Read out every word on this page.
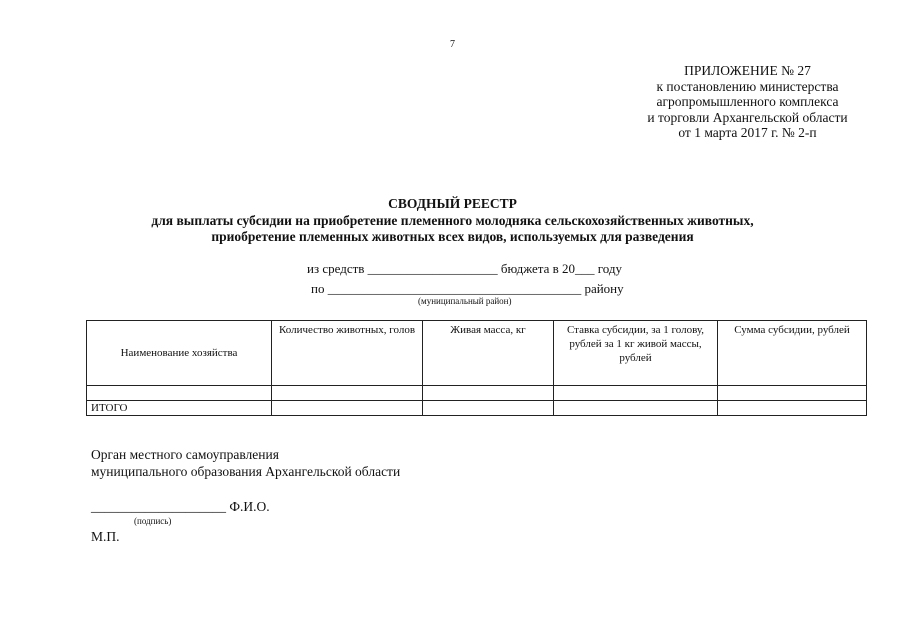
7
ПРИЛОЖЕНИЕ № 27
к постановлению министерства
агропромышленного комплекса
и торговли Архангельской области
от 1 марта 2017 г. № 2-п
СВОДНЫЙ РЕЕСТР
для выплаты субсидии на приобретение племенного молодняка сельскохозяйственных животных,
приобретение племенных животных всех видов, используемых для разведения
из средств ____________________ бюджета в 20___ году
по _______________________________________ району
(муниципальный район)
Наименование хозяйства	Количество животных, голов	Живая масса, кг	Ставка субсидии, за 1 голову, рублей за 1 кг живой массы, рублей	Сумма субсидии, рублей

ИТОГО				
Орган местного самоуправления
муниципального образования Архангельской области
____________________ Ф.И.О.
(подпись)
М.П.
